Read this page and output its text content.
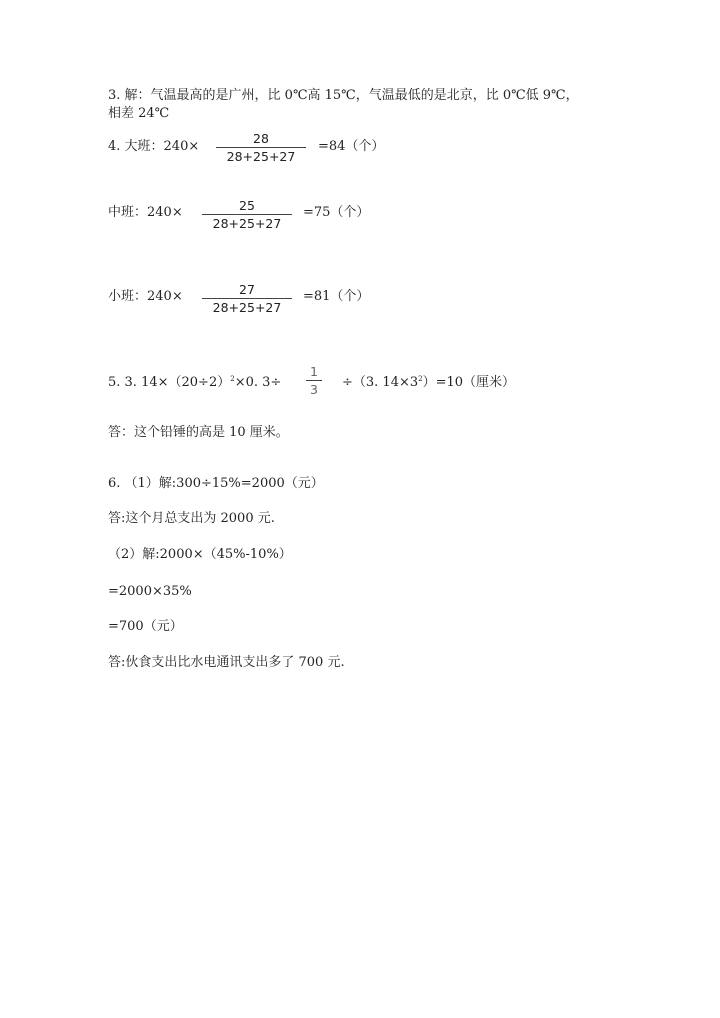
3. 解：气温最高的是广州，比 0℃高 15℃，气温最低的是北京，比 0℃低 9℃，
相差 24℃
4. 大班：240×
28
28+25+27
=84（个）
中班：240×	25
28+25+27
=75（个）
小班：240×	27
28+25+27
=81（个）
5. 3. $14\times(20\div 2)^2\times 0$. 3÷
1
3	÷（3. $14\times 3^2)=10$（厘米）
答：这个铅锤的高是 10 厘米。
6. （1）解:300÷15%=2000（元）
答:这个月总支出为 2000 元.
（2）解:2000×（45%-10%）
=2000×35%
=700（元）
答:伙食支出比水电通讯支出多了 700 元.
